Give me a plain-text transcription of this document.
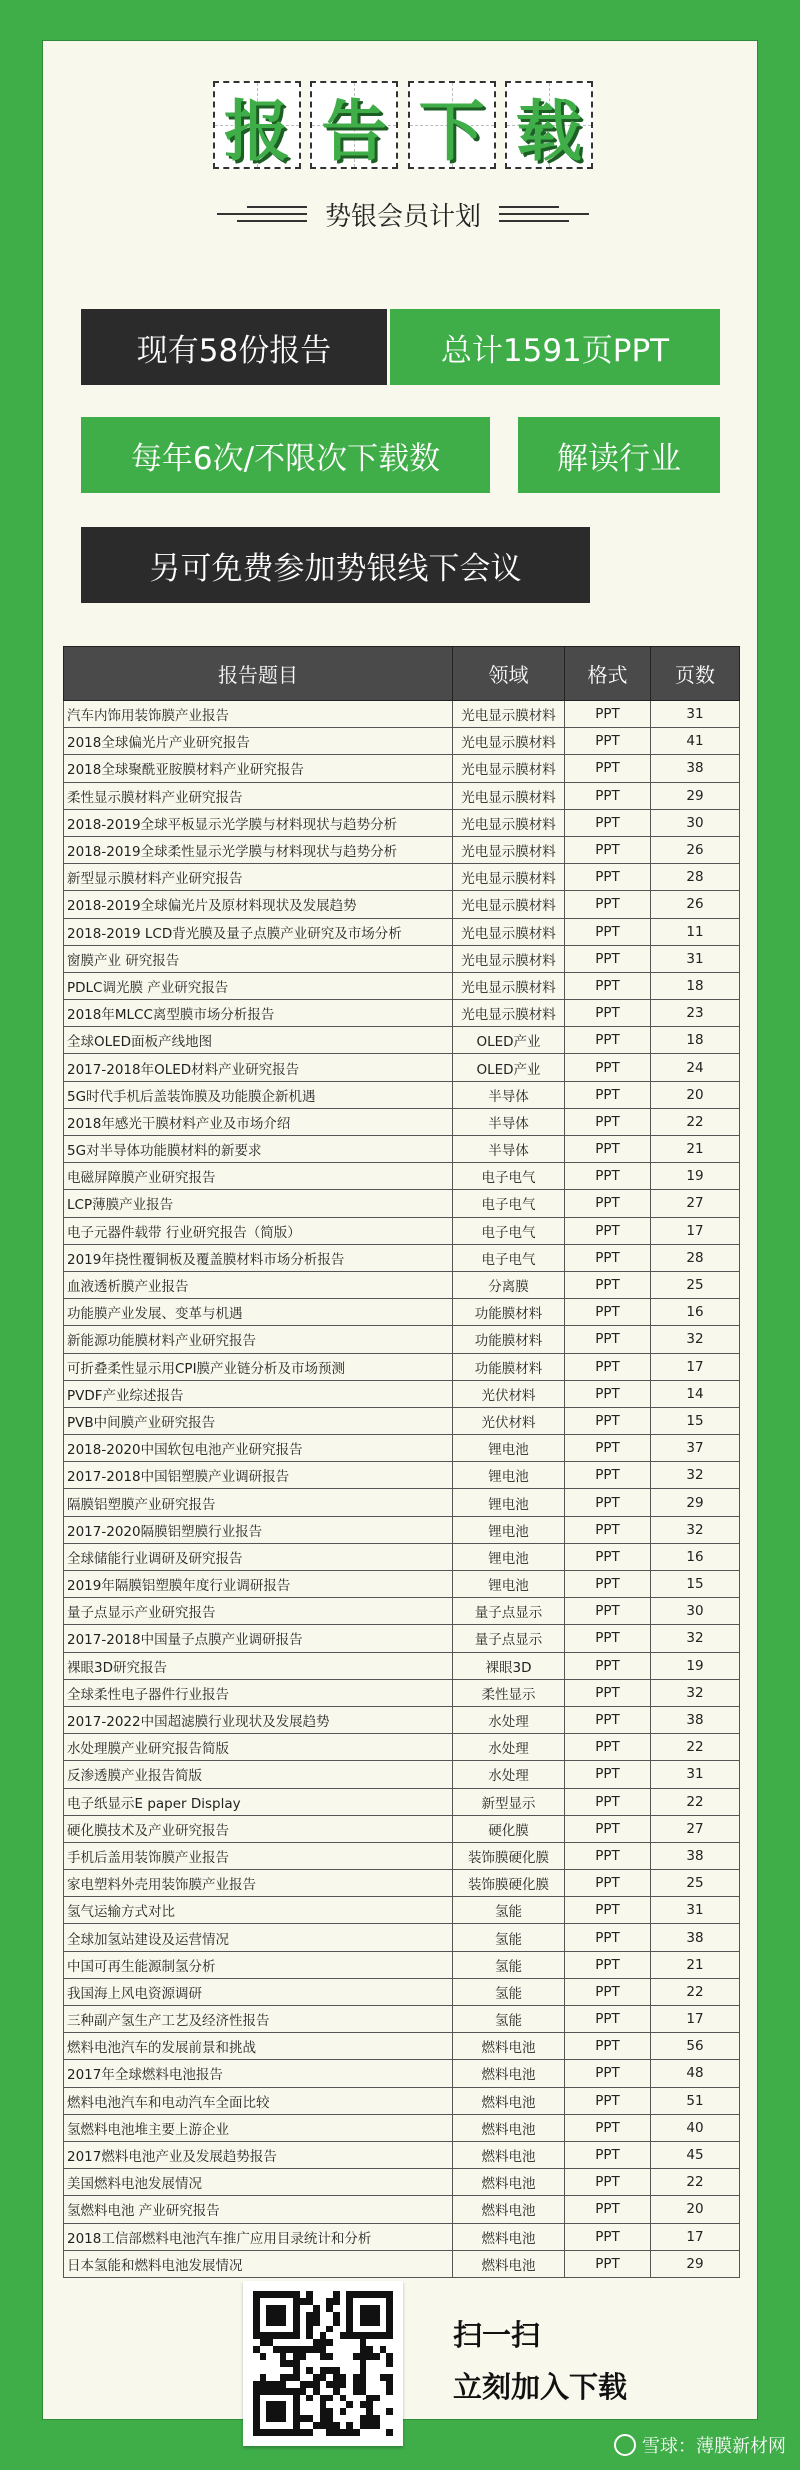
报 告 下 载
势银会员计划
现有58份报告	总计1591页PPT
每年6次/不限次下载数	解读行业
另可免费参加势银线下会议
报告题目	领域	格式	页数
汽车内饰用装饰膜产业报告	光电显示膜材料	PPT	31
2018全球偏光片产业研究报告	光电显示膜材料	PPT	41
2018全球聚酰亚胺膜材料产业研究报告	光电显示膜材料	PPT	38
柔性显示膜材料产业研究报告	光电显示膜材料	PPT	29
2018-2019全球平板显示光学膜与材料现状与趋势分析	光电显示膜材料	PPT	30
2018-2019全球柔性显示光学膜与材料现状与趋势分析	光电显示膜材料	PPT	26
新型显示膜材料产业研究报告	光电显示膜材料	PPT	28
2018-2019全球偏光片及原材料现状及发展趋势	光电显示膜材料	PPT	26
2018-2019 LCD背光膜及量子点膜产业研究及市场分析	光电显示膜材料	PPT	11
窗膜产业 研究报告	光电显示膜材料	PPT	31
PDLC调光膜 产业研究报告	光电显示膜材料	PPT	18
2018年MLCC离型膜市场分析报告	光电显示膜材料	PPT	23
全球OLED面板产线地图	OLED产业	PPT	18
2017-2018年OLED材料产业研究报告	OLED产业	PPT	24
5G时代手机后盖装饰膜及功能膜企新机遇	半导体	PPT	20
2018年感光干膜材料产业及市场介绍	半导体	PPT	22
5G对半导体功能膜材料的新要求	半导体	PPT	21
电磁屏障膜产业研究报告	电子电气	PPT	19
LCP薄膜产业报告	电子电气	PPT	27
电子元器件载带 行业研究报告（简版）	电子电气	PPT	17
2019年挠性覆铜板及覆盖膜材料市场分析报告	电子电气	PPT	28
血液透析膜产业报告	分离膜	PPT	25
功能膜产业发展、变革与机遇	功能膜材料	PPT	16
新能源功能膜材料产业研究报告	功能膜材料	PPT	32
可折叠柔性显示用CPI膜产业链分析及市场预测	功能膜材料	PPT	17
PVDF产业综述报告	光伏材料	PPT	14
PVB中间膜产业研究报告	光伏材料	PPT	15
2018-2020中国软包电池产业研究报告	锂电池	PPT	37
2017-2018中国铝塑膜产业调研报告	锂电池	PPT	32
隔膜铝塑膜产业研究报告	锂电池	PPT	29
2017-2020隔膜铝塑膜行业报告	锂电池	PPT	32
全球储能行业调研及研究报告	锂电池	PPT	16
2019年隔膜铝塑膜年度行业调研报告	锂电池	PPT	15
量子点显示产业研究报告	量子点显示	PPT	30
2017-2018中国量子点膜产业调研报告	量子点显示	PPT	32
裸眼3D研究报告	裸眼3D	PPT	19
全球柔性电子器件行业报告	柔性显示	PPT	32
2017-2022中国超滤膜行业现状及发展趋势	水处理	PPT	38
水处理膜产业研究报告简版	水处理	PPT	22
反渗透膜产业报告简版	水处理	PPT	31
电子纸显示E paper Display	新型显示	PPT	22
硬化膜技术及产业研究报告	硬化膜	PPT	27
手机后盖用装饰膜产业报告	装饰膜硬化膜	PPT	38
家电塑料外壳用装饰膜产业报告	装饰膜硬化膜	PPT	25
氢气运输方式对比	氢能	PPT	31
全球加氢站建设及运营情况	氢能	PPT	38
中国可再生能源制氢分析	氢能	PPT	21
我国海上风电资源调研	氢能	PPT	22
三种副产氢生产工艺及经济性报告	氢能	PPT	17
燃料电池汽车的发展前景和挑战	燃料电池	PPT	56
2017年全球燃料电池报告	燃料电池	PPT	48
燃料电池汽车和电动汽车全面比较	燃料电池	PPT	51
氢燃料电池堆主要上游企业	燃料电池	PPT	40
2017燃料电池产业及发展趋势报告	燃料电池	PPT	45
美国燃料电池发展情况	燃料电池	PPT	22
氢燃料电池 产业研究报告	燃料电池	PPT	20
2018工信部燃料电池汽车推广应用目录统计和分析	燃料电池	PPT	17
日本氢能和燃料电池发展情况	燃料电池	PPT	29
扫一扫
立刻加入下载
雪球：薄膜新材网
